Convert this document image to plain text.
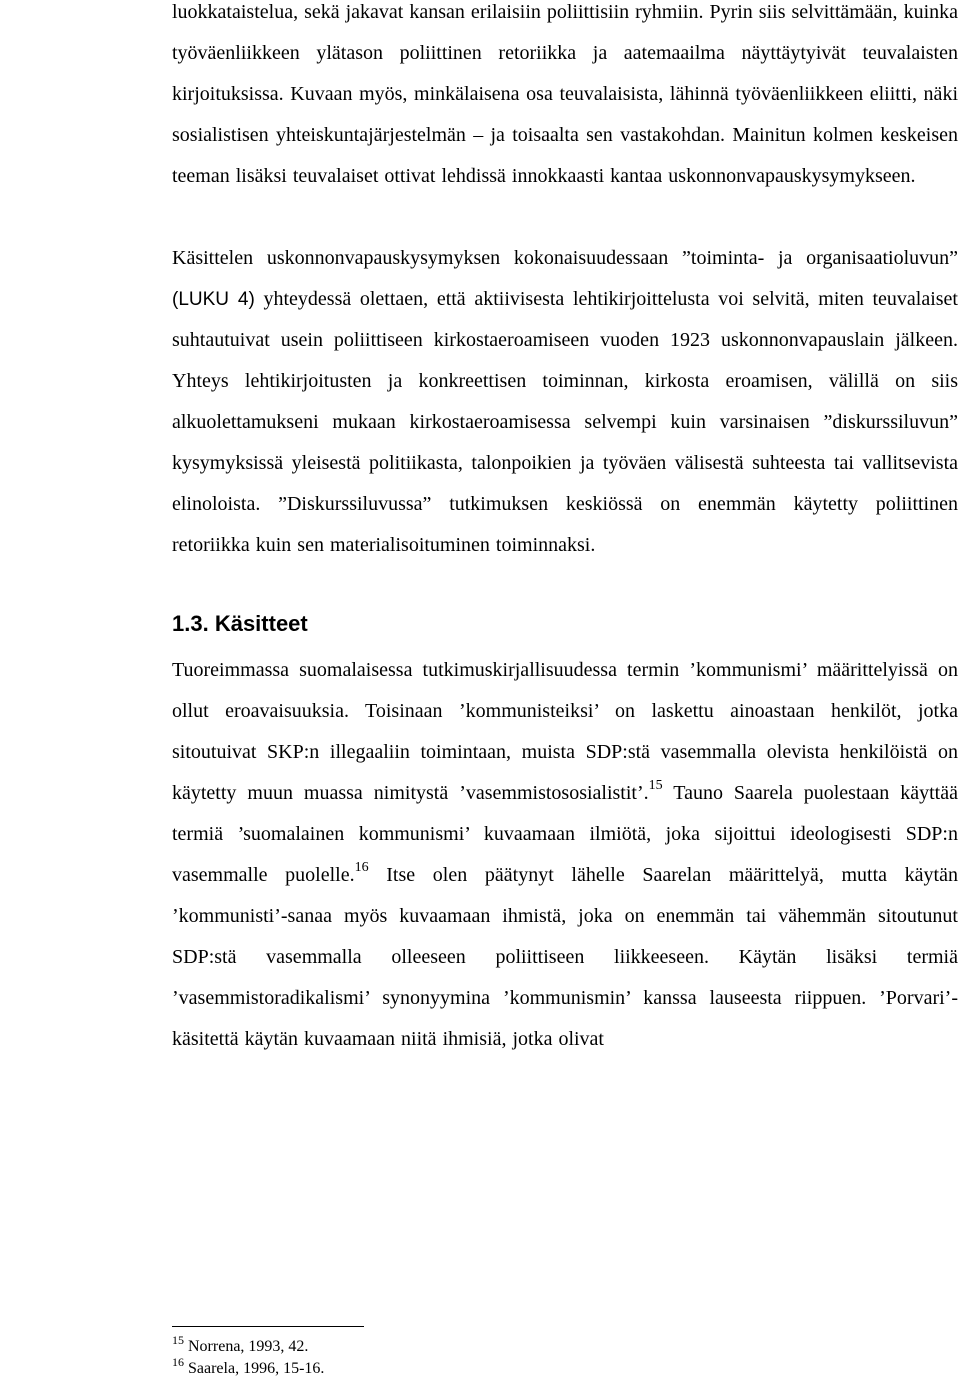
luokkataistelua, sekä jakavat kansan erilaisiin poliittisiin ryhmiin. Pyrin siis selvittämään, kuinka työväenliikkeen ylätason poliittinen retoriikka ja aatemaailma näyttäytyivät teuvalaisten kirjoituksissa. Kuvaan myös, minkälaisena osa teuvalaisista, lähinnä työväenliikkeen eliitti, näki sosialistisen yhteiskuntajärjestelmän – ja toisaalta sen vastakohdan. Mainitun kolmen keskeisen teeman lisäksi teuvalaiset ottivat lehdissä innokkaasti kantaa uskonnonvapauskysymykseen.

Käsittelen uskonnonvapauskysymyksen kokonaisuudessaan ”toiminta- ja organisaatioluvun” (LUKU 4) yhteydessä olettaen, että aktiivisesta lehtikirjoittelusta voi selvitä, miten teuvalaiset suhtautuivat usein poliittiseen kirkostaeroamiseen vuoden 1923 uskonnonvapauslain jälkeen. Yhteys lehtikirjoitusten ja konkreettisen toiminnan, kirkosta eroamisen, välillä on siis alkuolettamukseni mukaan kirkostaeroamisessa selvempi kuin varsinaisen ”diskurssiluvun” kysymyksissä yleisestä politiikasta, talonpoikien ja työväen välisestä suhteesta tai vallitsevista elinoloista. ”Diskurssiluvussa” tutkimuksen keskiössä on enemmän käytetty poliittinen retoriikka kuin sen materialisoituminen toiminnaksi.

1.3. Käsitteet

Tuoreimmassa suomalaisessa tutkimuskirjallisuudessa termin ’kommunismi’ määrittelyissä on ollut eroavaisuuksia. Toisinaan ’kommunisteiksi’ on laskettu ainoastaan henkilöt, jotka sitoutuivat SKP:n illegaaliin toimintaan, muista SDP:stä vasemmalla olevista henkilöistä on käytetty muun muassa nimitystä ’vasemmistososialistit’.$^{15}$ Tauno Saarela puolestaan käyttää termiä ’suomalainen kommunismi’ kuvaamaan ilmiötä, joka sijoittui ideologisesti SDP:n vasemmalle puolelle.$^{16}$ Itse olen päätynyt lähelle Saarelan määrittelyä, mutta käytän ’kommunisti’-sanaa myös kuvaamaan ihmistä, joka on enemmän tai vähemmän sitoutunut SDP:stä vasemmalla olleeseen poliittiseen liikkeeseen. Käytän lisäksi termiä ’vasemmistoradikalismi’ synonyymina ’kommunismin’ kanssa lauseesta riippuen. ’Porvari’-käsitettä käytän kuvaamaan niitä ihmisiä, jotka olivat

$^{15}$ Norrena, 1993, 42.
$^{16}$ Saarela, 1996, 15-16.
